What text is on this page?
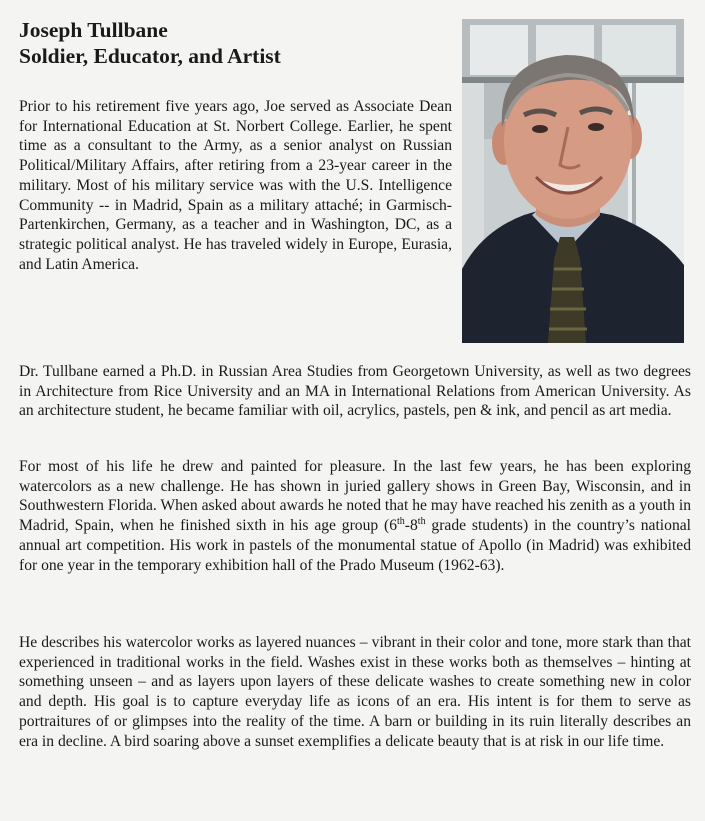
Joseph Tullbane
Soldier, Educator, and Artist

Prior to his retirement five years ago, Joe served as Associate Dean for International Education at St. Norbert College. Earlier, he spent time as a consultant to the Army, as a senior analyst on Russian Political/Military Affairs, after retiring from a 23-year career in the military. Most of his military service was with the U.S. Intelligence Community -- in Madrid, Spain as a military attaché; in Garmisch-Partenkirchen, Germany, as a teacher and in Washington, DC, as a strategic political analyst. He has traveled widely in Europe, Eurasia, and Latin America.

Dr. Tullbane earned a Ph.D. in Russian Area Studies from Georgetown University, as well as two degrees in Architecture from Rice University and an MA in International Relations from American University. As an architecture student, he became familiar with oil, acrylics, pastels, pen & ink, and pencil as art media.

For most of his life he drew and painted for pleasure. In the last few years, he has been exploring watercolors as a new challenge. He has shown in juried gallery shows in Green Bay, Wisconsin, and in Southwestern Florida. When asked about awards he noted that he may have reached his zenith as a youth in Madrid, Spain, when he finished sixth in his age group (6th-8th grade students) in the country’s national annual art competition. His work in pastels of the monumental statue of Apollo (in Madrid) was exhibited for one year in the temporary exhibition hall of the Prado Museum (1962-63).

He describes his watercolor works as layered nuances – vibrant in their color and tone, more stark than that experienced in traditional works in the field. Washes exist in these works both as themselves – hinting at something unseen – and as layers upon layers of these delicate washes to create something new in color and depth. His goal is to capture everyday life as icons of an era. His intent is for them to serve as portraitures of or glimpses into the reality of the time. A barn or building in its ruin literally describes an era in decline. A bird soaring above a sunset exemplifies a delicate beauty that is at risk in our life time.
